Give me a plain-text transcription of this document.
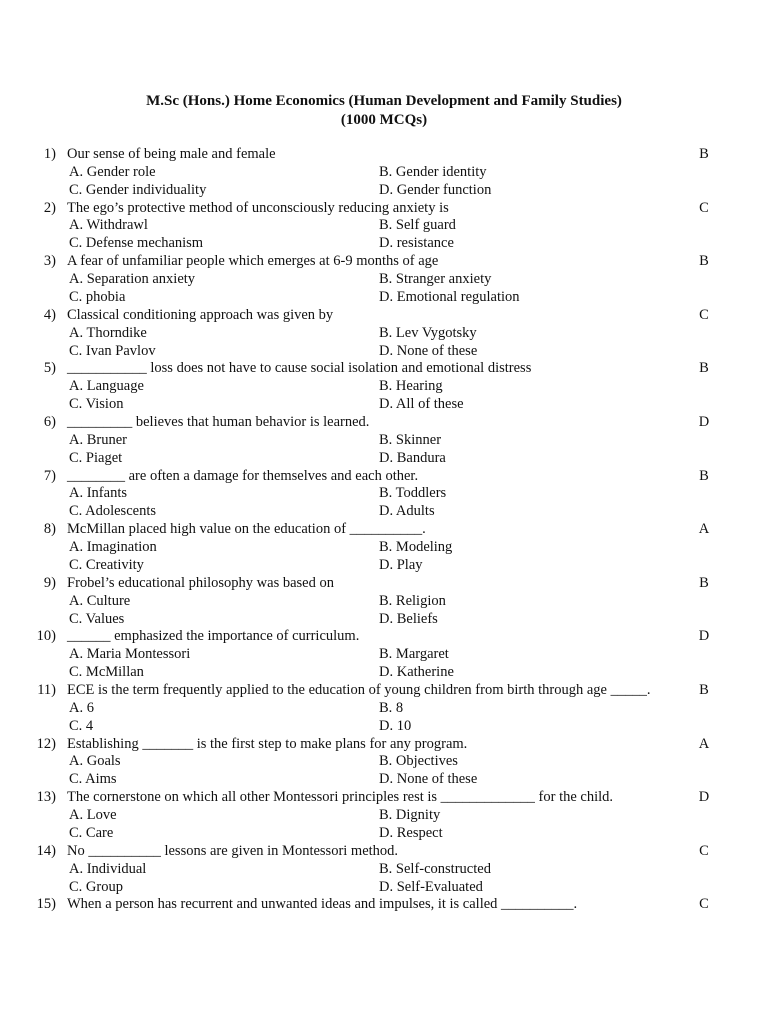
M.Sc (Hons.) Home Economics (Human Development and Family Studies)
(1000 MCQs)
1) Our sense of being male and female	B
A. Gender role	B. Gender identity
C. Gender individuality	D. Gender function
2) The ego’s protective method of unconsciously reducing anxiety is	C
A. Withdrawl	B. Self guard
C. Defense mechanism	D. resistance
3) A fear of unfamiliar people which emerges at 6-9 months of age	B
A. Separation anxiety	B. Stranger anxiety
C. phobia	D. Emotional regulation
4) Classical conditioning approach was given by	C
A. Thorndike	B. Lev Vygotsky
C. Ivan Pavlov	D. None of these
5) ___________ loss does not have to cause social isolation and emotional distress	B
A. Language	B. Hearing
C. Vision	D. All of these
6) _________ believes that human behavior is learned.	D
A. Bruner	B. Skinner
C. Piaget	D. Bandura
7) ________ are often a damage for themselves and each other.	B
A. Infants	B. Toddlers
C. Adolescents	D. Adults
8) McMillan placed high value on the education of __________.	A
A. Imagination	B. Modeling
C. Creativity	D. Play
9) Frobel’s educational philosophy was based on	B
A. Culture	B. Religion
C. Values	D. Beliefs
10) ______ emphasized the importance of curriculum.	D
A. Maria Montessori	B. Margaret
C. McMillan	D. Katherine
11) ECE is the term frequently applied to the education of young children from birth through age _____.	B
A. 6	B. 8
C. 4	D. 10
12) Establishing _______ is the first step to make plans for any program.	A
A. Goals	B. Objectives
C. Aims	D. None of these
13) The cornerstone on which all other Montessori principles rest is _____________ for the child.	D
A. Love	B. Dignity
C. Care	D. Respect
14) No __________ lessons are given in Montessori method.	C
A. Individual	B. Self-constructed
C. Group	D. Self-Evaluated
15) When a person has recurrent and unwanted ideas and impulses, it is called __________.	C
